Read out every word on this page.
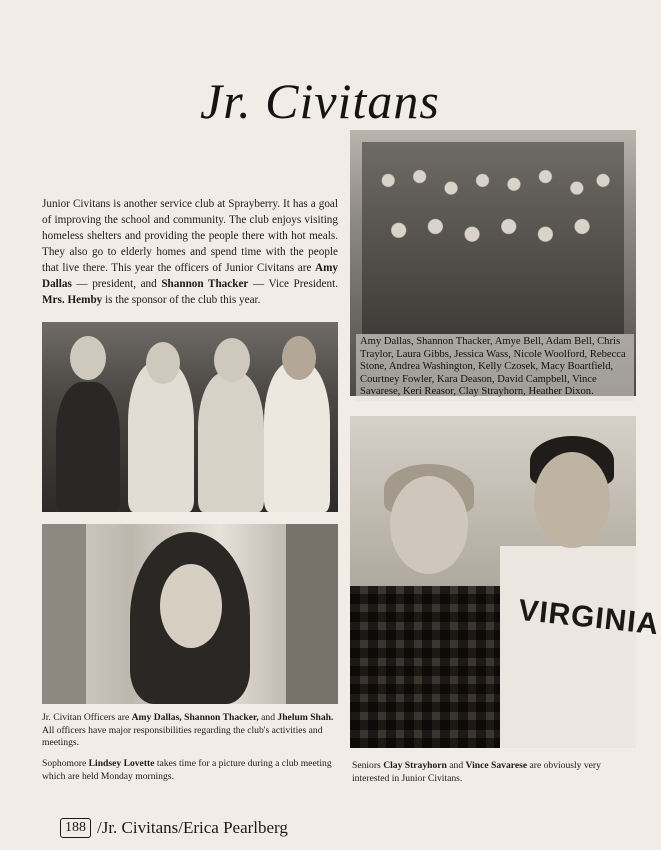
Jr. Civitans

Junior Civitans is another service club at Sprayberry. It has a goal of improving the school and community. The club enjoys visiting homeless shelters and providing the people there with hot meals. They also go to elderly homes and spend time with the people that live there. This year the officers of Junior Civitans are Amy Dallas — president, and Shannon Thacker — Vice President. Mrs. Hemby is the sponsor of the club this year.

Amy Dallas, Shannon Thacker, Amye Bell, Adam Bell, Chris Traylor, Laura Gibbs, Jessica Wass, Nicole Woolford, Rebecca Stone, Andrea Washington, Kelly Czosek, Macy Boartfield, Courtney Fowler, Kara Deason, David Campbell, Vince Savarese, Keri Reasor, Clay Strayhorn, Heather Dixon.

VIRGINIA

Jr. Civitan Officers are Amy Dallas, Shannon Thacker, and Jhelum Shah. All officers have major responsibilities regarding the club's activities and meetings.

Sophomore Lindsey Lovette takes time for a picture during a club meeting which are held Monday mornings.

Seniors Clay Strayhorn and Vince Savarese are obviously very interested in Junior Civitans.

188 /Jr. Civitans/Erica Pearlberg
